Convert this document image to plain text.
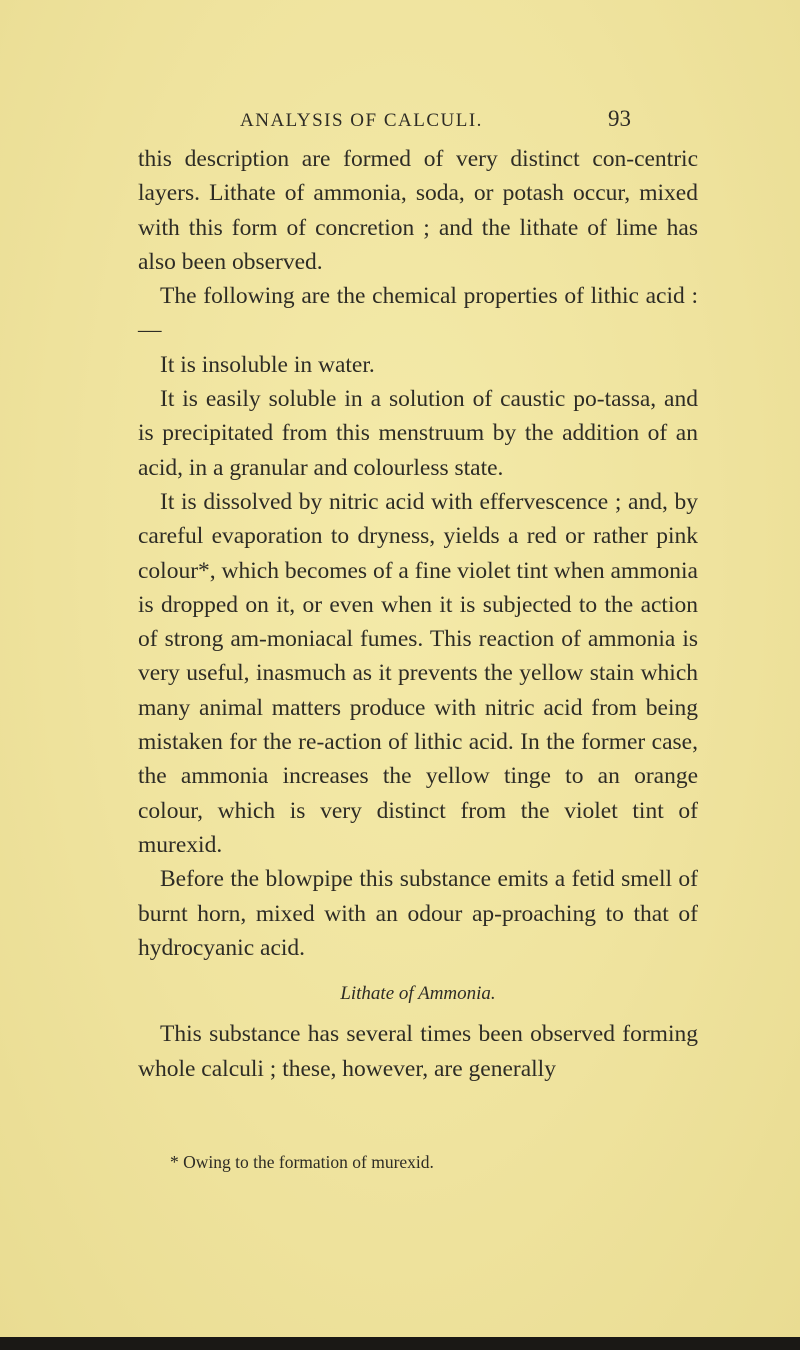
ANALYSIS OF CALCULI.	93

this description are formed of very distinct con-centric layers. Lithate of ammonia, soda, or potash occur, mixed with this form of concretion ; and the lithate of lime has also been observed.

The following are the chemical properties of lithic acid : —

It is insoluble in water.

It is easily soluble in a solution of caustic po-tassa, and is precipitated from this menstruum by the addition of an acid, in a granular and colourless state.

It is dissolved by nitric acid with effervescence ; and, by careful evaporation to dryness, yields a red or rather pink colour*, which becomes of a fine violet tint when ammonia is dropped on it, or even when it is subjected to the action of strong am-moniacal fumes. This reaction of ammonia is very useful, inasmuch as it prevents the yellow stain which many animal matters produce with nitric acid from being mistaken for the re-action of lithic acid. In the former case, the ammonia increases the yellow tinge to an orange colour, which is very distinct from the violet tint of murexid.

Before the blowpipe this substance emits a fetid smell of burnt horn, mixed with an odour ap-proaching to that of hydrocyanic acid.

Lithate of Ammonia.

This substance has several times been observed forming whole calculi ; these, however, are generally

* Owing to the formation of murexid.
